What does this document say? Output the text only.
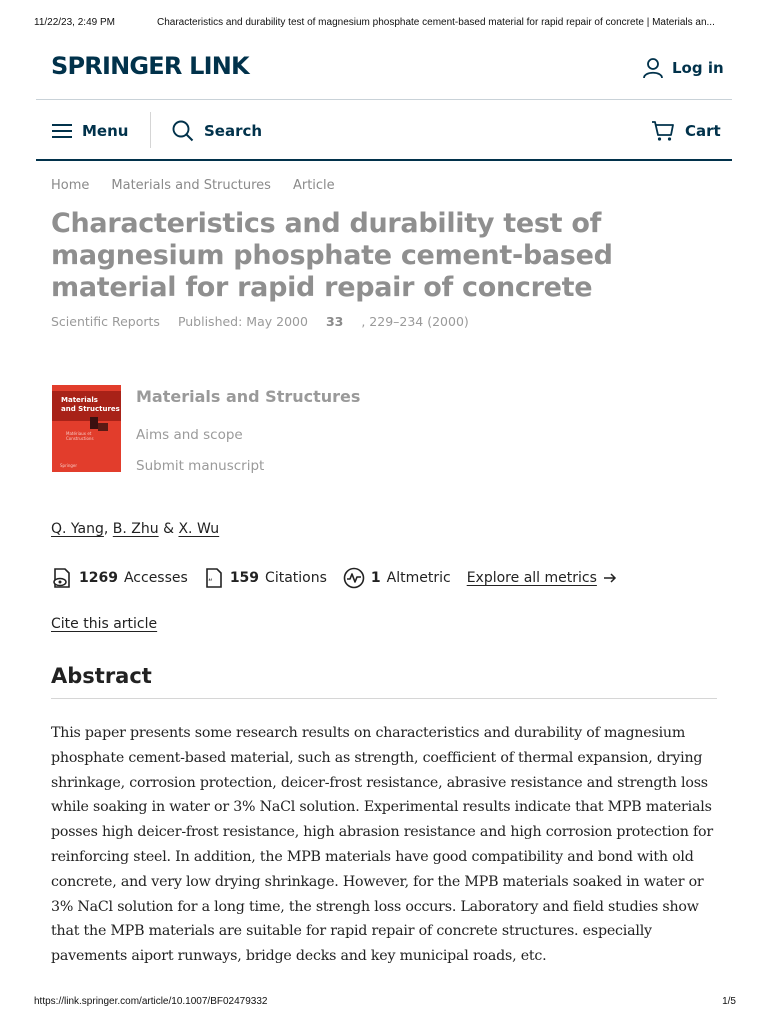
11/22/23, 2:49 PM	Characteristics and durability test of magnesium phosphate cement-based material for rapid repair of concrete | Materials an...
SPRINGER LINK	Log in
Menu	Search	Cart
Home Materials and Structures Article
Characteristics and durability test of magnesium phosphate cement-based material for rapid repair of concrete
Scientific Reports Published: May 2000 33 , 229–234 (2000)
Materials
and Structures
Matériaux et Constructions
Springer
Materials and Structures
Aims and scope
Submit manuscript
Q. Yang, B. Zhu & X. Wu
1269 Accesses “ 159 Citations	1 Altmetric Explore all metrics
Cite this article
Abstract

This paper presents some research results on characteristics and durability of magnesium phosphate cement-based material, such as strength, coefficient of thermal expansion, drying shrinkage, corrosion protection, deicer-frost resistance, abrasive resistance and strength loss while soaking in water or 3% NaCl solution. Experimental results indicate that MPB materials posses high deicer-frost resistance, high abrasion resistance and high corrosion protection for reinforcing steel. In addition, the MPB materials have good compatibility and bond with old concrete, and very low drying shrinkage. However, for the MPB materials soaked in water or 3% NaCl solution for a long time, the strengh loss occurs. Laboratory and field studies show that the MPB materials are suitable for rapid repair of concrete structures. especially pavements aiport runways, bridge decks and key municipal roads, etc.

https://link.springer.com/article/10.1007/BF02479332	1/5
